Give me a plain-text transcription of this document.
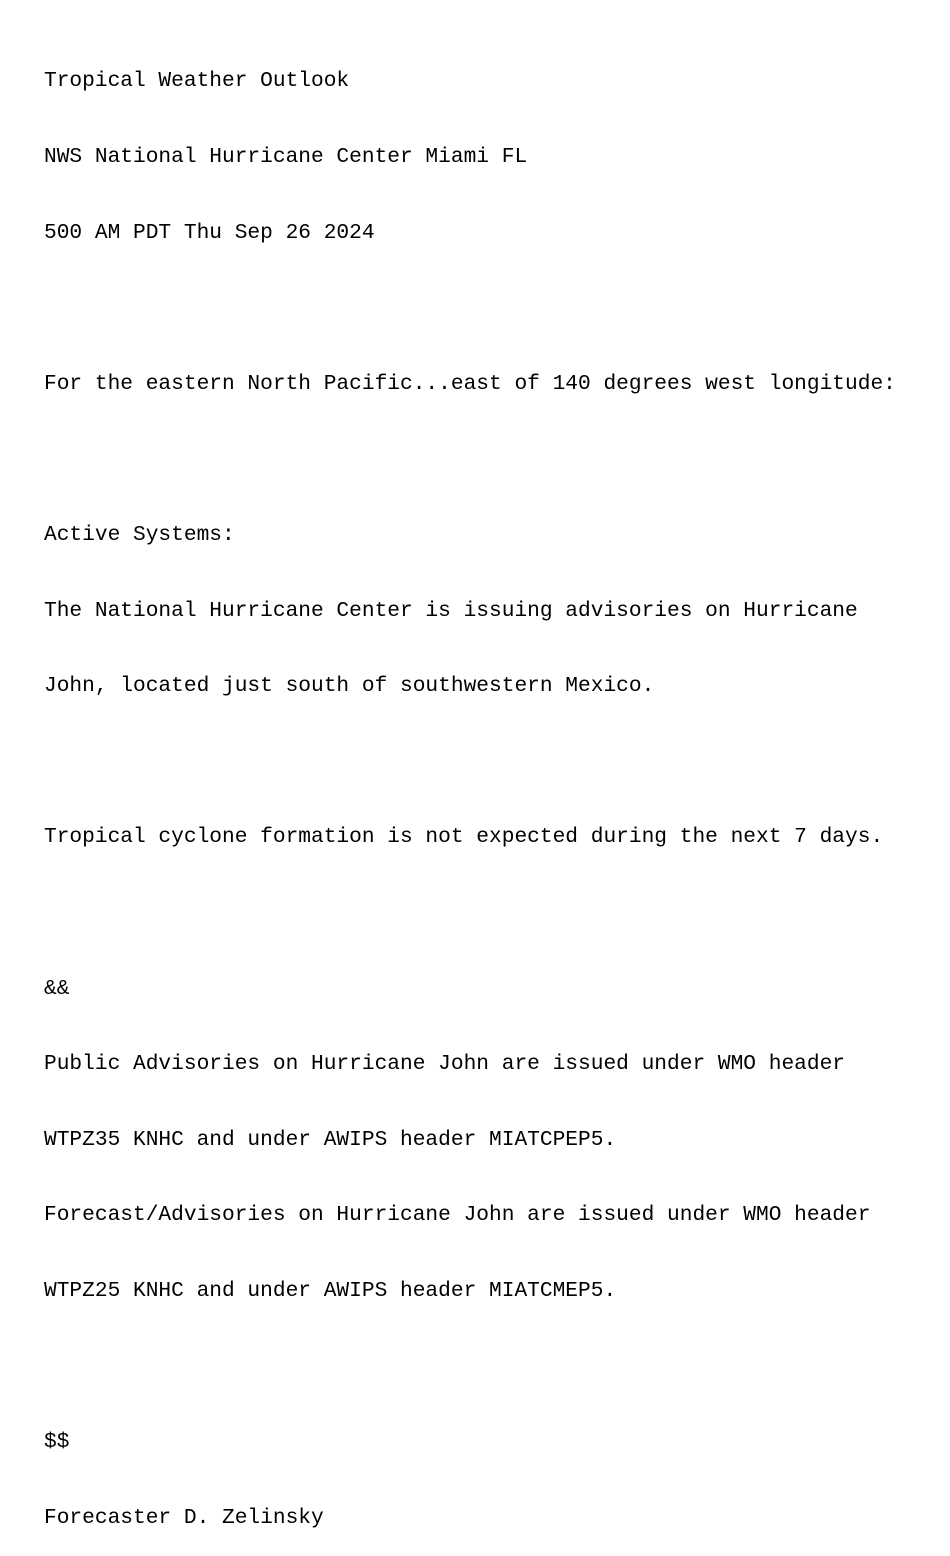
Tropical Weather Outlook

NWS National Hurricane Center Miami FL

500 AM PDT Thu Sep 26 2024

For the eastern North Pacific...east of 140 degrees west longitude:

Active Systems:

The National Hurricane Center is issuing advisories on Hurricane

John, located just south of southwestern Mexico.

Tropical cyclone formation is not expected during the next 7 days.

&&

Public Advisories on Hurricane John are issued under WMO header

WTPZ35 KNHC and under AWIPS header MIATCPEP5.

Forecast/Advisories on Hurricane John are issued under WMO header

WTPZ25 KNHC and under AWIPS header MIATCMEP5.

$$

Forecaster D. Zelinsky
